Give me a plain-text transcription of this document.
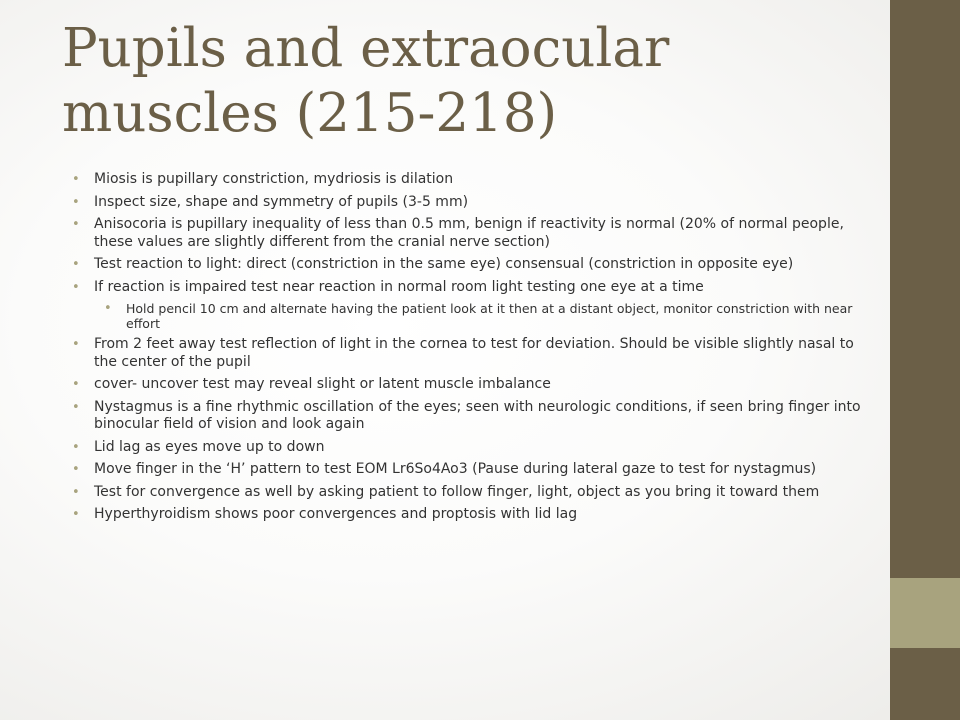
Pupils and extraocular muscles (215-218)
• Miosis is pupillary constriction, mydriosis is dilation
• Inspect size, shape and symmetry of pupils (3-5 mm)
• Anisocoria is pupillary inequality of less than 0.5 mm, benign if reactivity is normal (20% of normal people, these values are slightly different from the cranial nerve section)
• Test reaction to light: direct (constriction in the same eye) consensual (constriction in opposite eye)
• If reaction is impaired test near reaction in normal room light testing one eye at a time
• Hold pencil 10 cm and alternate having the patient look at it then at a distant object, monitor constriction with near effort
• From 2 feet away test reflection of light in the cornea to test for deviation. Should be visible slightly nasal to the center of the pupil
• cover- uncover test may reveal slight or latent muscle imbalance
• Nystagmus is a fine rhythmic oscillation of the eyes; seen with neurologic conditions, if seen bring finger into binocular field of vision and look again
• Lid lag as eyes move up to down
• Move finger in the ‘H’ pattern to test EOM Lr6So4Ao3 (Pause during lateral gaze to test for nystagmus)
• Test for convergence as well by asking patient to follow finger, light, object as you bring it toward them
• Hyperthyroidism shows poor convergences and proptosis with lid lag
